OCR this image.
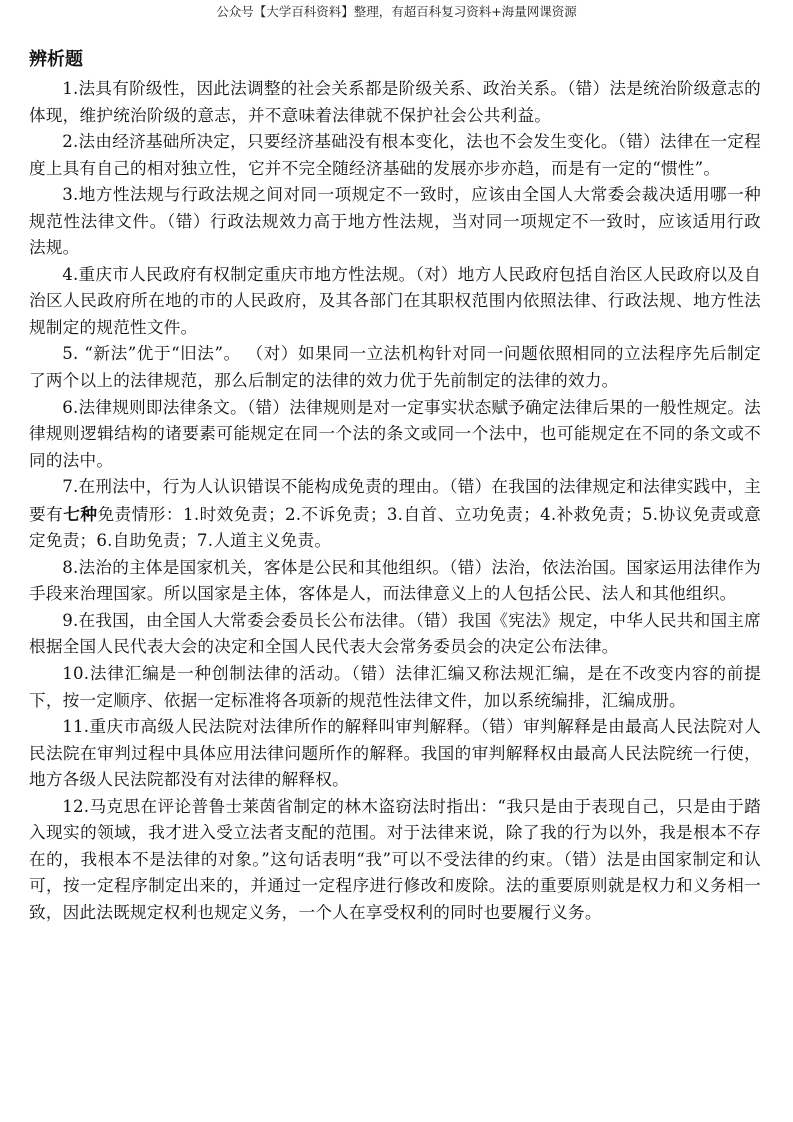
公众号【大学百科资料】整理，有超百科复习资料+海量网课资源
辨析题

1.法具有阶级性，因此法调整的社会关系都是阶级关系、政治关系。（错）法是统治阶级意志的体现，维护统治阶级的意志，并不意味着法律就不保护社会公共利益。

2.法由经济基础所决定，只要经济基础没有根本变化，法也不会发生变化。（错）法律在一定程度上具有自己的相对独立性，它并不完全随经济基础的发展亦步亦趋，而是有一定的“惯性”。

3.地方性法规与行政法规之间对同一项规定不一致时，应该由全国人大常委会裁决适用哪一种规范性法律文件。（错）行政法规效力高于地方性法规，当对同一项规定不一致时，应该适用行政法规。

4.重庆市人民政府有权制定重庆市地方性法规。（对）地方人民政府包括自治区人民政府以及自治区人民政府所在地的市的人民政府，及其各部门在其职权范围内依照法律、行政法规、地方性法规制定的规范性文件。

5. “新法”优于“旧法”。 （对）如果同一立法机构针对同一问题依照相同的立法程序先后制定了两个以上的法律规范，那么后制定的法律的效力优于先前制定的法律的效力。

6.法律规则即法律条文。（错）法律规则是对一定事实状态赋予确定法律后果的一般性规定。法律规则逻辑结构的诸要素可能规定在同一个法的条文或同一个法中，也可能规定在不同的条文或不同的法中。

7.在刑法中，行为人认识错误不能构成免责的理由。（错）在我国的法律规定和法律实践中，主要有七种免责情形：1.时效免责；2.不诉免责；3.自首、立功免责；4.补救免责；5.协议免责或意定免责；6.自助免责；7.人道主义免责。

8.法治的主体是国家机关，客体是公民和其他组织。（错）法治，依法治国。国家运用法律作为手段来治理国家。所以国家是主体，客体是人，而法律意义上的人包括公民、法人和其他组织。

9.在我国，由全国人大常委会委员长公布法律。（错）我国《宪法》规定，中华人民共和国主席根据全国人民代表大会的决定和全国人民代表大会常务委员会的决定公布法律。

10.法律汇编是一种创制法律的活动。（错）法律汇编又称法规汇编，是在不改变内容的前提下，按一定顺序、依据一定标准将各项新的规范性法律文件，加以系统编排，汇编成册。

11.重庆市高级人民法院对法律所作的解释叫审判解释。（错）审判解释是由最高人民法院对人民法院在审判过程中具体应用法律问题所作的解释。我国的审判解释权由最高人民法院统一行使，地方各级人民法院都没有对法律的解释权。

12.马克思在评论普鲁士莱茵省制定的林木盗窃法时指出：“我只是由于表现自己，只是由于踏入现实的领域，我才进入受立法者支配的范围。对于法律来说，除了我的行为以外，我是根本不存在的，我根本不是法律的对象。”这句话表明“我”可以不受法律的约束。（错）法是由国家制定和认可，按一定程序制定出来的，并通过一定程序进行修改和废除。法的重要原则就是权力和义务相一致，因此法既规定权利也规定义务，一个人在享受权利的同时也要履行义务。
